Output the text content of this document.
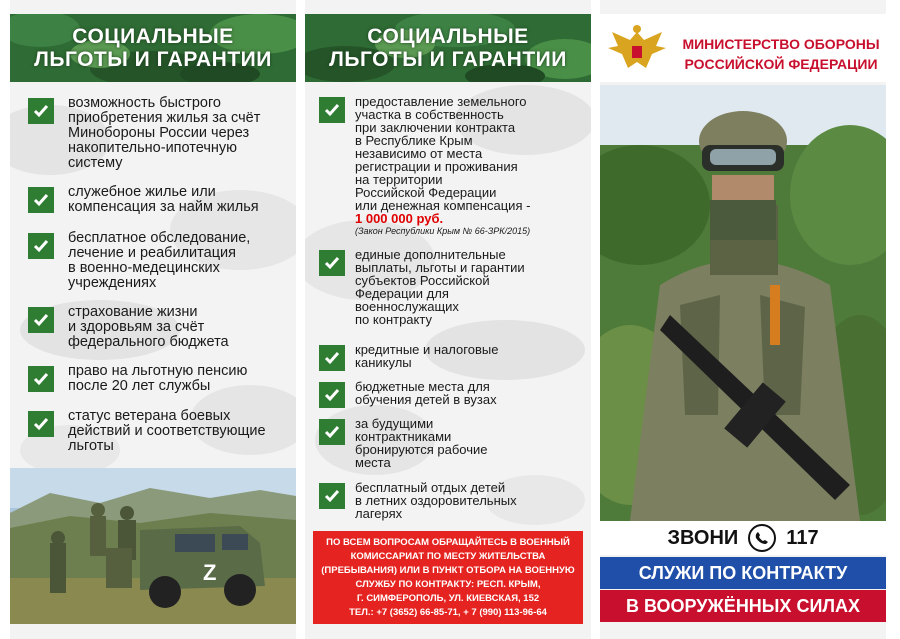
СОЦИАЛЬНЫЕ
ЛЬГОТЫ И ГАРАНТИИ
возможность быстрого
приобретения жилья за счёт
Минобороны России через
накопительно-ипотечную
систему
служебное жилье или
компенсация за найм жилья
бесплатное обследование,
лечение и реабилитация
в военно-медецинских
учреждениях
страхование жизни
и здоровьям за счёт
федерального бюджета
право на льготную пенсию
после 20 лет службы
статус ветерана боевых
действий и соответствующие
льготы
Z
СОЦИАЛЬНЫЕ
ЛЬГОТЫ И ГАРАНТИИ
предоставление земельного
участка в собственность
при заключении контракта
в Республике Крым
независимо от места
регистрации и проживания
на территории
Российской Федерации
или денежная компенсация -
1 000 000 руб.
(Закон Республики Крым № 66-ЗРК/2015)
единые дополнительные
выплаты, льготы и гарантии
субъектов Российской
Федерации для
военнослужащих
по контракту
кредитные и налоговые
каникулы
бюджетные места для
обучения детей в вузах
за будущими
контрактниками
бронируются рабочие
места
бесплатный отдых детей
в летних оздоровительных
лагерях
ПО ВСЕМ ВОПРОСАМ ОБРАЩАЙТЕСЬ В ВОЕННЫЙ
КОМИССАРИАТ ПО МЕСТУ ЖИТЕЛЬСТВА
(ПРЕБЫВАНИЯ) ИЛИ В ПУНКТ ОТБОРА НА ВОЕННУЮ
СЛУЖБУ ПО КОНТРАКТУ: РЕСП. КРЫМ,
Г. СИМФЕРОПОЛЬ, УЛ. КИЕВСКАЯ, 152
ТЕЛ.: +7 (3652) 66-85-71, + 7 (990) 113-96-64
МИНИСТЕРСТВО ОБОРОНЫ
РОССИЙСКОЙ ФЕДЕРАЦИИ
ЗВОНИ 117
СЛУЖИ ПО КОНТРАКТУ
В ВООРУЖЁННЫХ СИЛАХ
